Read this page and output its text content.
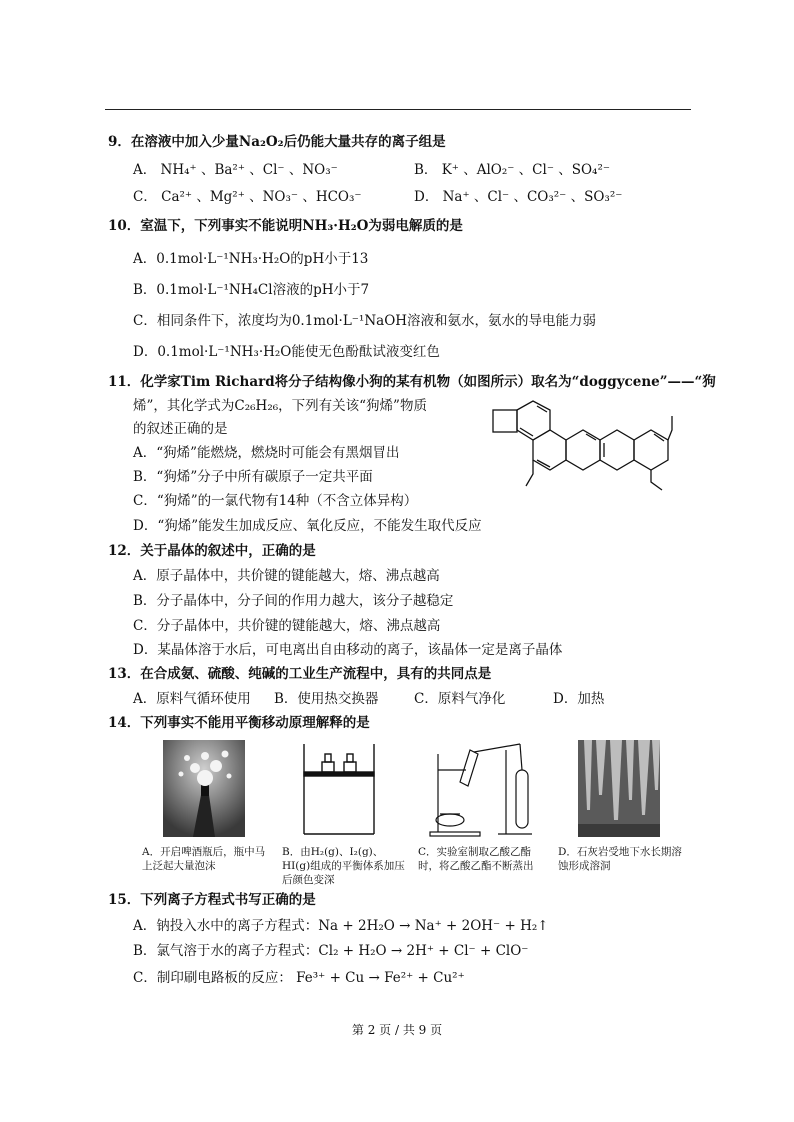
9．在溶液中加入少量Na₂O₂后仍能大量共存的离子组是
A． NH₄⁺ 、Ba²⁺ 、Cl⁻ 、NO₃⁻	B． K⁺ 、AlO₂⁻ 、Cl⁻ 、SO₄²⁻
C． Ca²⁺ 、Mg²⁺ 、NO₃⁻ 、HCO₃⁻	D． Na⁺ 、Cl⁻ 、CO₃²⁻ 、SO₃²⁻
10．室温下，下列事实不能说明NH₃·H₂O为弱电解质的是
A．0.1mol·L⁻¹NH₃·H₂O的pH小于13
B．0.1mol·L⁻¹NH₄Cl溶液的pH小于7
C．相同条件下，浓度均为0.1mol·L⁻¹NaOH溶液和氨水，氨水的导电能力弱
D．0.1mol·L⁻¹NH₃·H₂O能使无色酚酞试液变红色
11．化学家Tim Richard将分子结构像小狗的某有机物（如图所示）取名为“doggycene”——“狗
烯”，其化学式为C₂₆H₂₆，下列有关该“狗烯”物质
的叙述正确的是
A．“狗烯”能燃烧，燃烧时可能会有黑烟冒出
B．“狗烯”分子中所有碳原子一定共平面
C．“狗烯”的一氯代物有14种（不含立体异构）
D．“狗烯”能发生加成反应、氧化反应，不能发生取代反应
12．关于晶体的叙述中，正确的是
A．原子晶体中，共价键的键能越大，熔、沸点越高
B．分子晶体中，分子间的作用力越大，该分子越稳定
C．分子晶体中，共价键的键能越大，熔、沸点越高
D．某晶体溶于水后，可电离出自由移动的离子，该晶体一定是离子晶体
13．在合成氨、硫酸、纯碱的工业生产流程中，具有的共同点是
A．原料气循环使用 B．使用热交换器	C．原料气净化	D．加热
14．下列事实不能用平衡移动原理解释的是
A．开启啤酒瓶后，瓶中马上泛起大量泡沫
B．由H₂(g)、I₂(g)、HI(g)组成的平衡体系加压后颜色变深
C．实验室制取乙酸乙酯时，将乙酸乙酯不断蒸出
D．石灰岩受地下水长期溶蚀形成溶洞
15．下列离子方程式书写正确的是
A．钠投入水中的离子方程式：Na + 2H₂O → Na⁺ + 2OH⁻ + H₂↑
B．氯气溶于水的离子方程式：Cl₂ + H₂O → 2H⁺ + Cl⁻ + ClO⁻
C．制印刷电路板的反应： Fe³⁺ + Cu → Fe²⁺ + Cu²⁺
第 2 页 / 共 9 页
